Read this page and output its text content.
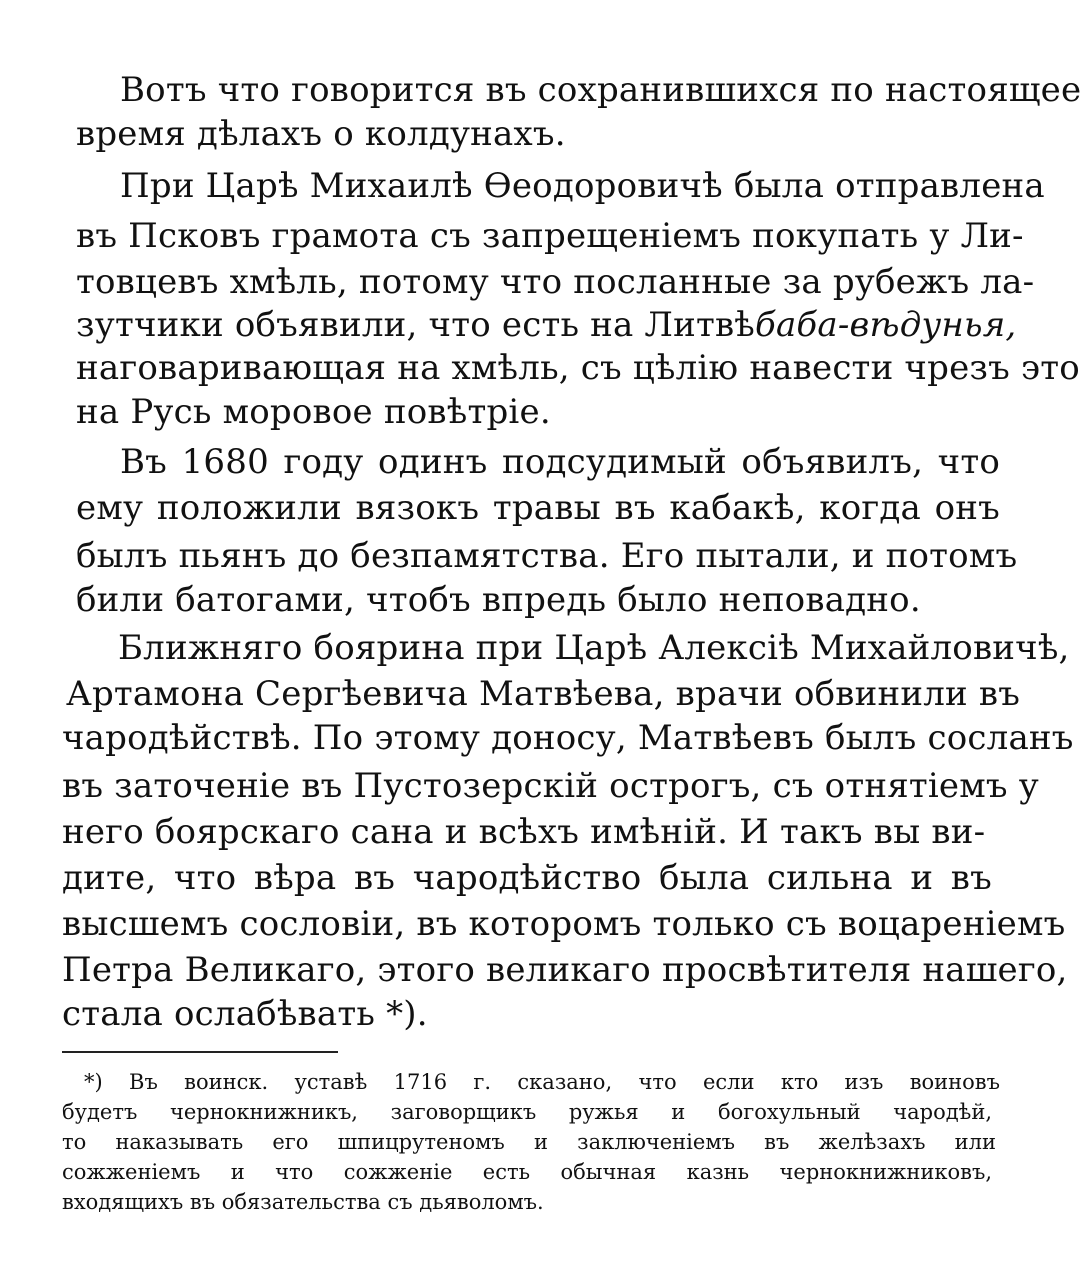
Вотъ что говорится въ сохранившихся по настоящее
время дѣлахъ о колдунахъ.
При Царѣ Михаилѣ Ѳеодоровичѣ была отправлена
въ Псковъ грамота съ запрещеніемъ покупать у Ли-
товцевъ хмѣль, потому что посланные за рубежъ ла-
зутчики объявили, что есть на Литвѣ баба-вѣдунья,
наговаривающая на хмѣль, съ цѣлію навести чрезъ это
на Русь моровое повѣтріе.
Въ 1680 году одинъ подсудимый объявилъ, что
ему положили вязокъ травы въ кабакѣ, когда онъ
былъ пьянъ до безпамятства. Его пытали, и потомъ
били батогами, чтобъ впредь было неповадно.
Ближняго боярина при Царѣ Алексіѣ Михайловичѣ,
Артамона Сергѣевича Матвѣева, врачи обвинили въ
чародѣйствѣ. По этому доносу, Матвѣевъ былъ сосланъ
въ заточеніе въ Пустозерскій острогъ, съ отнятіемъ у
него боярскаго сана и всѣхъ имѣній. И такъ вы ви-
дите, что вѣра въ чародѣйство была сильна и въ
высшемъ сословіи, въ которомъ только съ воцареніемъ
Петра Великаго, этого великаго просвѣтителя нашего,
стала ослабѣвать *).
*) Въ воинск. уставѣ 1716 г. сказано, что если кто изъ воиновъ
будетъ чернокнижникъ, заговорщикъ ружья и богохульный чародѣй,
то наказывать его шпицрутеномъ и заключеніемъ въ желѣзахъ или
сожженіемъ и что сожженіе есть обычная казнь чернокнижниковъ,
входящихъ въ обязательства съ дьяволомъ.
